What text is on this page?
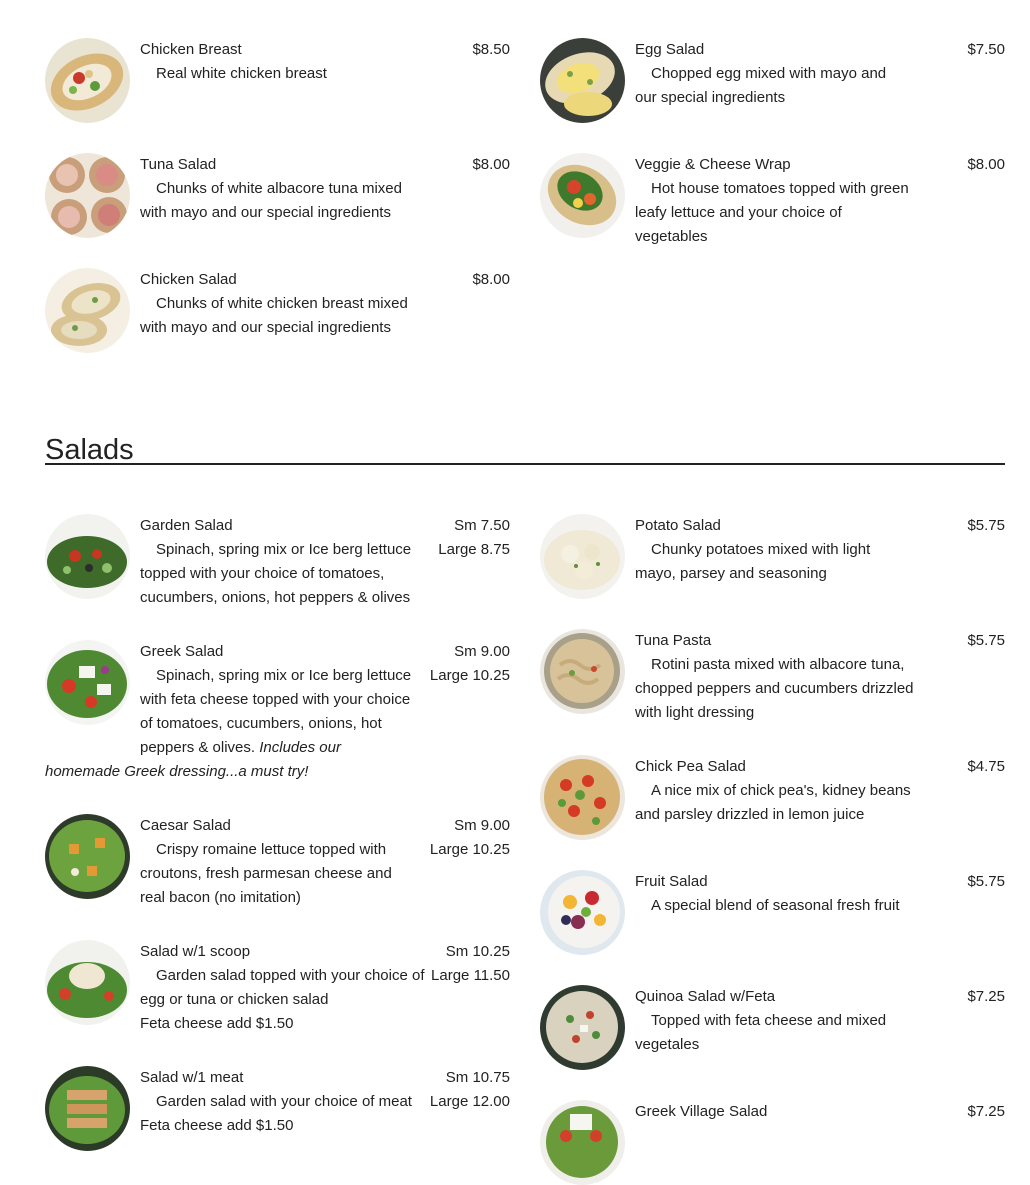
Chicken Breast	$8.50
Real white chicken breast
Egg Salad	$7.50
Chopped egg mixed with mayo and our special ingredients
Tuna Salad	$8.00
Chunks of white albacore tuna mixed with mayo and our special ingredients
Veggie & Cheese Wrap	$8.00
Hot house tomatoes topped with green leafy lettuce and your choice of vegetables
Chicken Salad	$8.00
Chunks of white chicken breast mixed with mayo and our special ingredients
Salads
Garden Salad	Sm 7.50
Large 8.75
Spinach, spring mix or Ice berg lettuce topped with your choice of tomatoes, cucumbers, onions, hot peppers & olives
Greek Salad	Sm 9.00
Large 10.25
Spinach, spring mix or Ice berg lettuce with feta cheese topped with your choice of tomatoes, cucumbers, onions, hot peppers & olives. Includes our homemade Greek dressing...a must try!
Caesar Salad	Sm 9.00
Large 10.25
Crispy romaine lettuce topped with croutons, fresh parmesan cheese and real bacon (no imitation)
Salad w/1 scoop	Sm 10.25
Large 11.50
Garden salad topped with your choice of egg or tuna or chicken salad
Feta cheese add $1.50
Salad w/1 meat	Sm 10.75
Large 12.00
Garden salad with your choice of meat
Feta cheese add $1.50
Potato Salad	$5.75
Chunky potatoes mixed with light mayo, parsey and seasoning
Tuna Pasta	$5.75
Rotini pasta mixed with albacore tuna, chopped peppers and cucumbers drizzled with light dressing
Chick Pea Salad	$4.75
A nice mix of chick pea's, kidney beans and parsley drizzled in lemon juice
Fruit Salad	$5.75
A special blend of seasonal fresh fruit
Quinoa Salad w/Feta	$7.25
Topped with feta cheese and mixed vegetales
Greek Village Salad	$7.25
